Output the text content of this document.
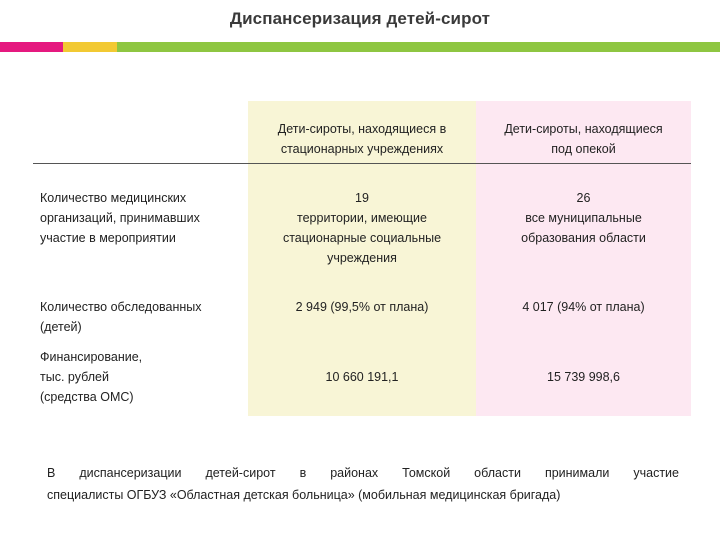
Диспансеризация детей-сирот
Дети-сироты, находящиеся в
стационарных учреждениях
Дети-сироты, находящиеся
под опекой
Количество медицинских
организаций, принимавших
участие в мероприятии
19
территории, имеющие
стационарные социальные
учреждения
26
все муниципальные
образования области
Количество обследованных
(детей)
2 949 (99,5% от плана)	4 017 (94% от плана)
Финансирование,
тыс. рублей
(средства ОМС)
10 660 191,1	15 739 998,6
В диспансеризации детей-сирот в районах Томской области принимали участие
специалисты ОГБУЗ «Областная детская больница» (мобильная медицинская бригада)
